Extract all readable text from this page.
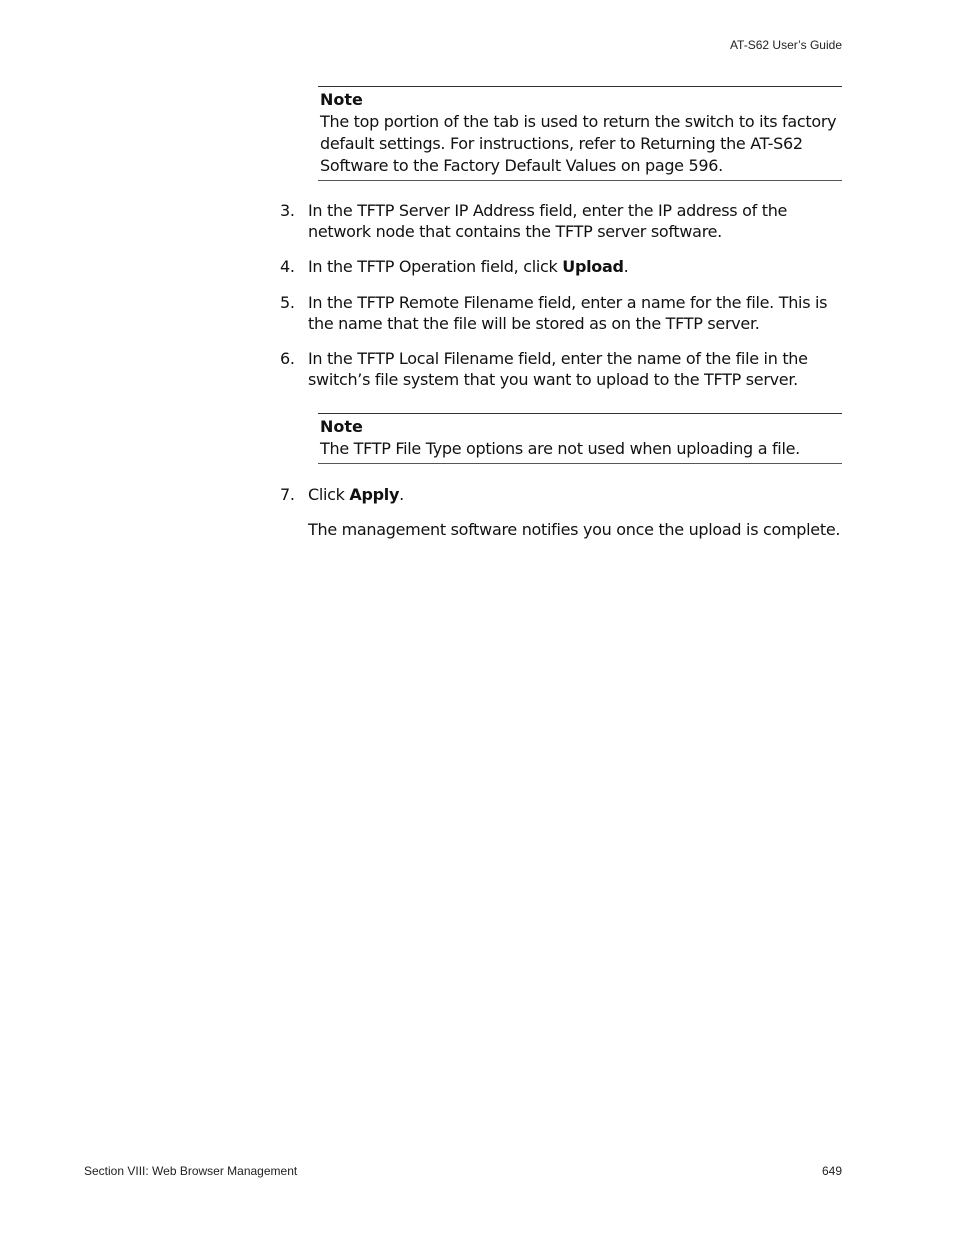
AT-S62 User’s Guide
Note
The top portion of the tab is used to return the switch to its factory default settings. For instructions, refer to Returning the AT-S62 Software to the Factory Default Values on page 596.
3. In the TFTP Server IP Address field, enter the IP address of the network node that contains the TFTP server software.
4. In the TFTP Operation field, click Upload.
5. In the TFTP Remote Filename field, enter a name for the file. This is the name that the file will be stored as on the TFTP server.
6. In the TFTP Local Filename field, enter the name of the file in the switch’s file system that you want to upload to the TFTP server.
Note
The TFTP File Type options are not used when uploading a file.
7. Click Apply.
The management software notifies you once the upload is complete.
Section VIII: Web Browser Management	649
